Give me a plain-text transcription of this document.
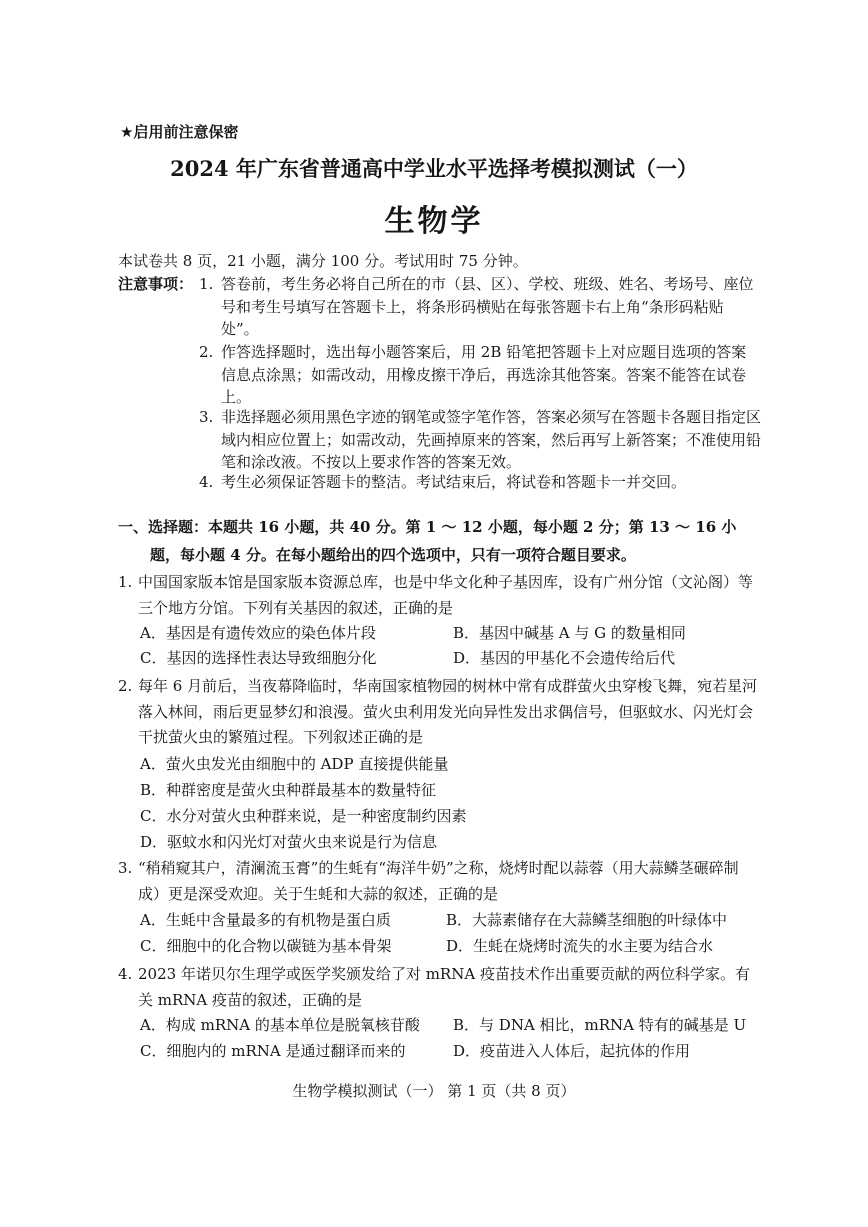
★启用前注意保密
2024 年广东省普通高中学业水平选择考模拟测试（一）
生物学
本试卷共 8 页，21 小题，满分 100 分。考试用时 75 分钟。
注意事项： 1. 答卷前，考生务必将自己所在的市（县、区）、学校、班级、姓名、考场号、座位号和考生号填写在答题卡上，将条形码横贴在每张答题卡右上角“条形码粘贴处”。
2. 作答选择题时，选出每小题答案后，用 2B 铅笔把答题卡上对应题目选项的答案信息点涂黑；如需改动，用橡皮擦干净后，再选涂其他答案。答案不能答在试卷上。
3. 非选择题必须用黑色字迹的钢笔或签字笔作答，答案必须写在答题卡各题目指定区域内相应位置上；如需改动，先画掉原来的答案，然后再写上新答案；不准使用铅笔和涂改液。不按以上要求作答的答案无效。
4. 考生必须保证答题卡的整洁。考试结束后，将试卷和答题卡一并交回。
一、选择题：本题共 16 小题，共 40 分。第 1 ～ 12 小题，每小题 2 分；第 13 ～ 16 小
题，每小题 4 分。在每小题给出的四个选项中，只有一项符合题目要求。
1. 中国国家版本馆是国家版本资源总库，也是中华文化种子基因库，设有广州分馆（文沁阁）等三个地方分馆。下列有关基因的叙述，正确的是
A．基因是有遗传效应的染色体片段	B．基因中碱基 A 与 G 的数量相同
C．基因的选择性表达导致细胞分化	D．基因的甲基化不会遗传给后代
2. 每年 6 月前后，当夜幕降临时，华南国家植物园的树林中常有成群萤火虫穿梭飞舞，宛若星河落入林间，雨后更显梦幻和浪漫。萤火虫利用发光向异性发出求偶信号，但驱蚊水、闪光灯会干扰萤火虫的繁殖过程。下列叙述正确的是
A．萤火虫发光由细胞中的 ADP 直接提供能量
B．种群密度是萤火虫种群最基本的数量特征
C．水分对萤火虫种群来说，是一种密度制约因素
D．驱蚊水和闪光灯对萤火虫来说是行为信息
3. “稍稍窥其户，清澜流玉膏”的生蚝有“海洋牛奶”之称，烧烤时配以蒜蓉（用大蒜鳞茎碾碎制成）更是深受欢迎。关于生蚝和大蒜的叙述，正确的是
A．生蚝中含量最多的有机物是蛋白质	B．大蒜素储存在大蒜鳞茎细胞的叶绿体中
C．细胞中的化合物以碳链为基本骨架	D．生蚝在烧烤时流失的水主要为结合水
4. 2023 年诺贝尔生理学或医学奖颁发给了对 mRNA 疫苗技术作出重要贡献的两位科学家。有关 mRNA 疫苗的叙述，正确的是
A．构成 mRNA 的基本单位是脱氧核苷酸 B．与 DNA 相比，mRNA 特有的碱基是 U
C．细胞内的 mRNA 是通过翻译而来的	D．疫苗进入人体后，起抗体的作用
生物学模拟测试（一） 第 1 页（共 8 页）
